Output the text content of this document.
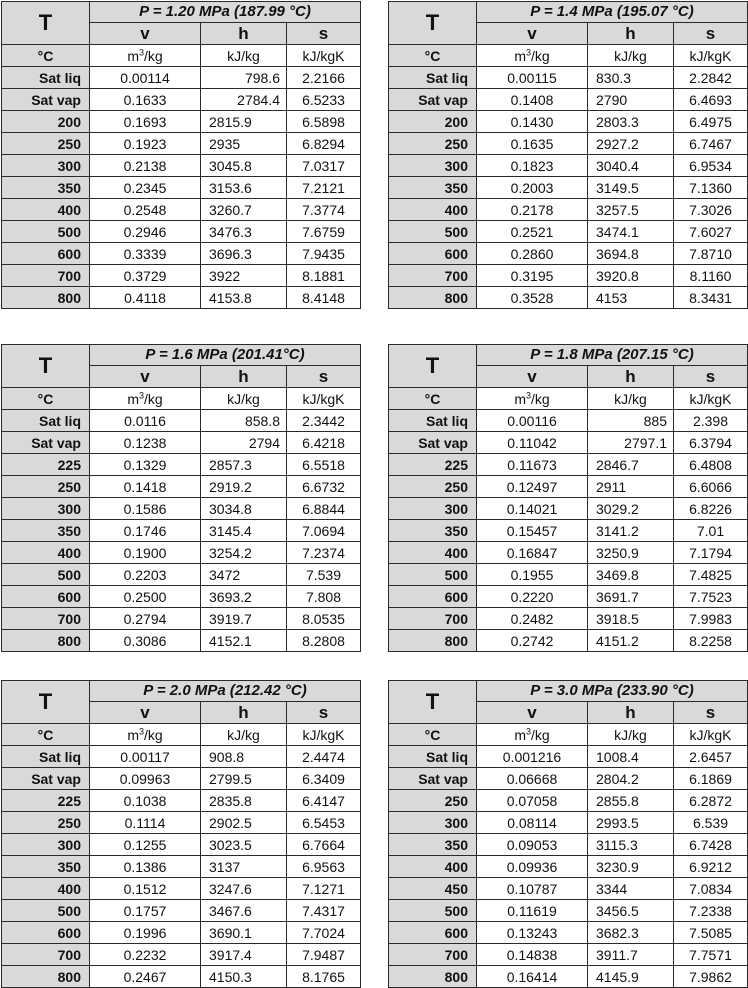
T	P = 1.20 MPa (187.99 °C)		
	v	h	s
°C	$m^3/kg$	kJ/kg	kJ/kgK
Sat liq	0.00114	798.6	2.2166
Sat vap	0.1633	2784.4	6.5233
200	0.1693	2815.9	6.5898
250	0.1923	2935	6.8294
300	0.2138	3045.8	7.0317
350	0.2345	3153.6	7.2121
400	0.2548	3260.7	7.3774
500	0.2946	3476.3	7.6759
600	0.3339	3696.3	7.9435
700	0.3729	3922	8.1881
800	0.4118	4153.8	8.4148
T	P = 1.4 MPa (195.07 °C)		
	v	h	s
°C	$m^3/kg$	kJ/kg	kJ/kgK
Sat liq	0.00115	830.3	2.2842
Sat vap	0.1408	2790	6.4693
200	0.1430	2803.3	6.4975
250	0.1635	2927.2	6.7467
300	0.1823	3040.4	6.9534
350	0.2003	3149.5	7.1360
400	0.2178	3257.5	7.3026
500	0.2521	3474.1	7.6027
600	0.2860	3694.8	7.8710
700	0.3195	3920.8	8.1160
800	0.3528	4153	8.3431
T	P = 1.6 MPa (201.41°C)		
	v	h	s
°C	$m^3/kg$	kJ/kg	kJ/kgK
Sat liq	0.0116	858.8	2.3442
Sat vap	0.1238	2794	6.4218
225	0.1329	2857.3	6.5518
250	0.1418	2919.2	6.6732
300	0.1586	3034.8	6.8844
350	0.1746	3145.4	7.0694
400	0.1900	3254.2	7.2374
500	0.2203	3472	7.539
600	0.2500	3693.2	7.808
700	0.2794	3919.7	8.0535
800	0.3086	4152.1	8.2808
T	P = 1.8 MPa (207.15 °C)		
	v	h	s
°C	$m^3/kg$	kJ/kg	kJ/kgK
Sat liq	0.00116	885	2.398
Sat vap	0.11042	2797.1	6.3794
225	0.11673	2846.7	6.4808
250	0.12497	2911	6.6066
300	0.14021	3029.2	6.8226
350	0.15457	3141.2	7.01
400	0.16847	3250.9	7.1794
500	0.1955	3469.8	7.4825
600	0.2220	3691.7	7.7523
700	0.2482	3918.5	7.9983
800	0.2742	4151.2	8.2258
T	P = 2.0 MPa (212.42 °C)		
	v	h	s
°C	$m^3/kg$	kJ/kg	kJ/kgK
Sat liq	0.00117	908.8	2.4474
Sat vap	0.09963	2799.5	6.3409
225	0.1038	2835.8	6.4147
250	0.1114	2902.5	6.5453
300	0.1255	3023.5	6.7664
350	0.1386	3137	6.9563
400	0.1512	3247.6	7.1271
500	0.1757	3467.6	7.4317
600	0.1996	3690.1	7.7024
700	0.2232	3917.4	7.9487
800	0.2467	4150.3	8.1765
T	P = 3.0 MPa (233.90 °C)		
	v	h	s
°C	$m^3/kg$	kJ/kg	kJ/kgK
Sat liq	0.001216	1008.4	2.6457
Sat vap	0.06668	2804.2	6.1869
250	0.07058	2855.8	6.2872
300	0.08114	2993.5	6.539
350	0.09053	3115.3	6.7428
400	0.09936	3230.9	6.9212
450	0.10787	3344	7.0834
500	0.11619	3456.5	7.2338
600	0.13243	3682.3	7.5085
700	0.14838	3911.7	7.7571
800	0.16414	4145.9	7.9862
